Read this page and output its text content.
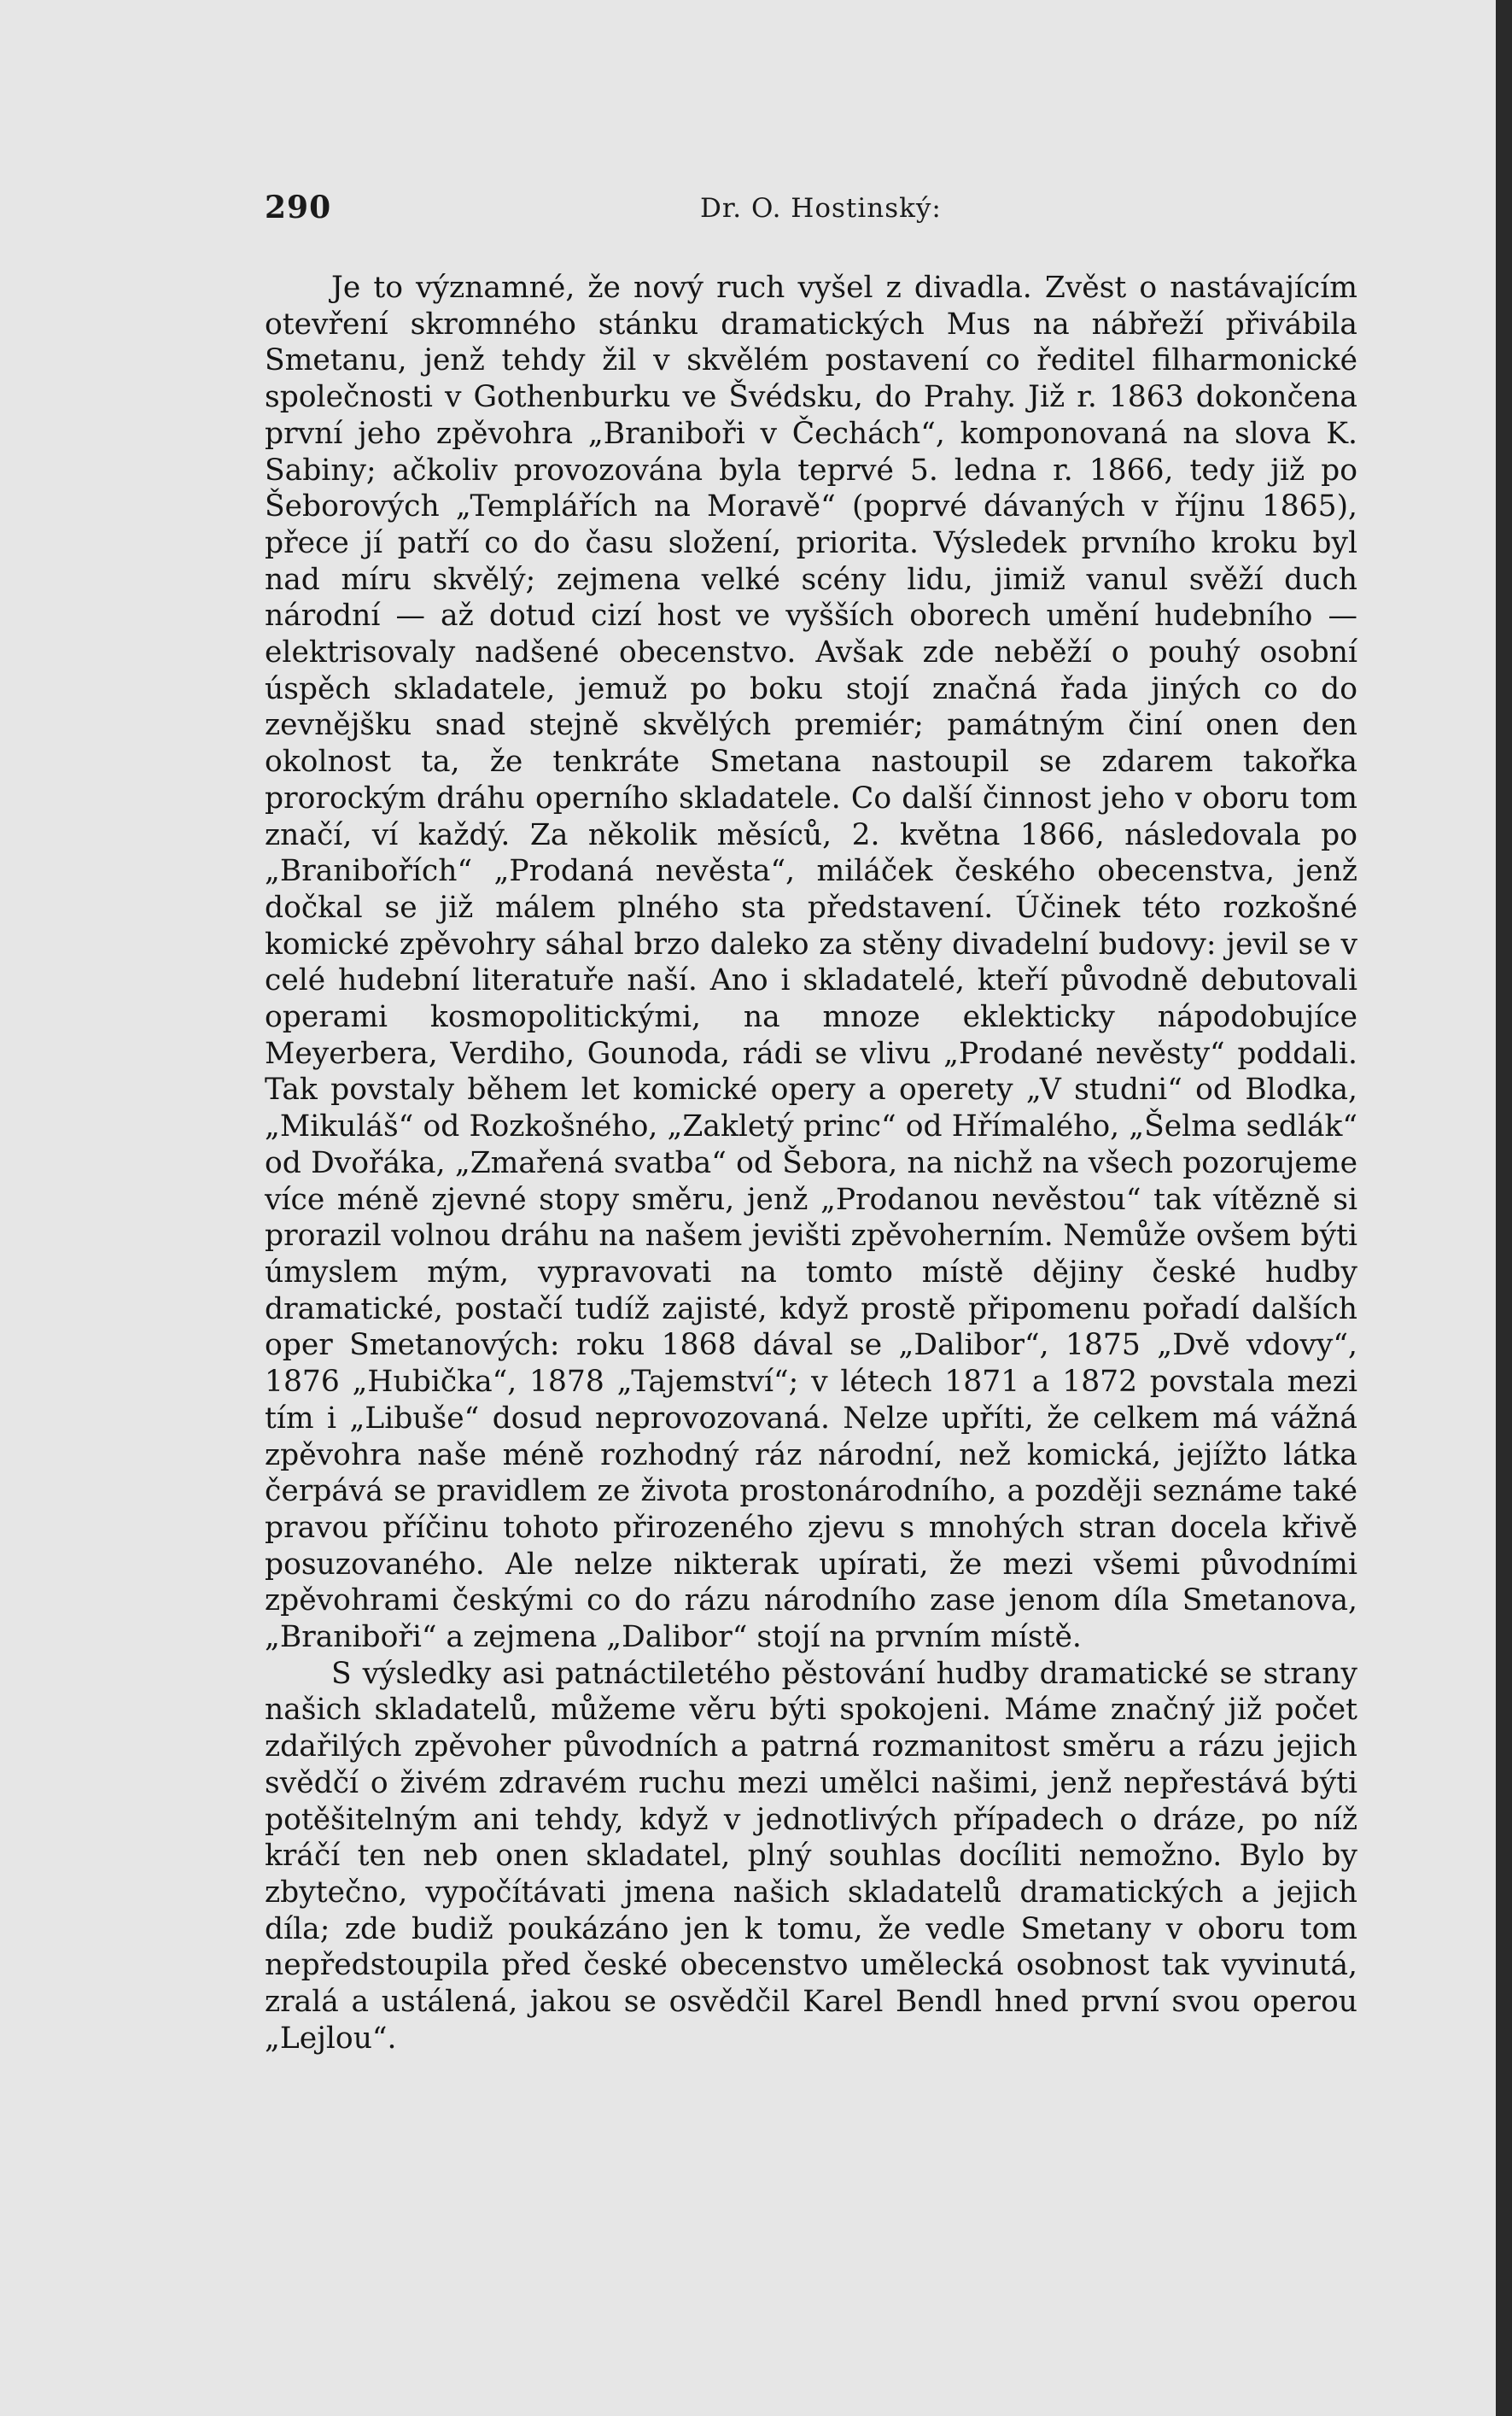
290	Dr. O. Hostinský:

Je to významné, že nový ruch vyšel z divadla. Zvěst o nastávajícím otevření skromného stánku dramatických Mus na nábřeží přivábila Smetanu, jenž tehdy žil v skvělém postavení co ředitel filharmonické společnosti v Gothenburku ve Švédsku, do Prahy. Již r. 1863 dokončena první jeho zpěvohra „Braniboři v Čechách“, komponovaná na slova K. Sabiny; ačkoliv provozována byla teprvé 5. ledna r. 1866, tedy již po Šeborových „Templářích na Moravě“ (poprvé dávaných v říjnu 1865), přece jí patří co do času složení, priorita. Výsledek prvního kroku byl nad míru skvělý; zejmena velké scény lidu, jimiž vanul svěží duch národní — až dotud cizí host ve vyšších oborech umění hudebního — elektrisovaly nadšené obecenstvo. Avšak zde neběží o pouhý osobní úspěch skladatele, jemuž po boku stojí značná řada jiných co do zevnějšku snad stejně skvělých premiér; památným činí onen den okolnost ta, že tenkráte Smetana nastoupil se zdarem takořka prorockým dráhu operního skladatele. Co další činnost jeho v oboru tom značí, ví každý. Za několik měsíců, 2. května 1866, následovala po „Branibořích“ „Prodaná nevěsta“, miláček českého obecenstva, jenž dočkal se již málem plného sta představení. Účinek této rozkošné komické zpěvohry sáhal brzo daleko za stěny divadelní budovy: jevil se v celé hudební literatuře naší. Ano i skladatelé, kteří původně debutovali operami kosmopolitickými, na mnoze eklekticky nápodobujíce Meyerbera, Verdiho, Gounoda, rádi se vlivu „Prodané nevěsty“ poddali. Tak povstaly během let komické opery a operety „V studni“ od Blodka, „Mikuláš“ od Rozkošného, „Zakletý princ“ od Hřímalého, „Šelma sedlák“ od Dvořáka, „Zmařená svatba“ od Šebora, na nichž na všech pozorujeme více méně zjevné stopy směru, jenž „Prodanou nevěstou“ tak vítězně si prorazil volnou dráhu na našem jevišti zpěvoherním. Nemůže ovšem býti úmyslem mým, vypravovati na tomto místě dějiny české hudby dramatické, postačí tudíž zajisté, když prostě připomenu pořadí dalších oper Smetanových: roku 1868 dával se „Dalibor“, 1875 „Dvě vdovy“, 1876 „Hubička“, 1878 „Tajemství“; v létech 1871 a 1872 povstala mezi tím i „Libuše“ dosud neprovozovaná. Nelze upříti, že celkem má vážná zpěvohra naše méně rozhodný ráz národní, než komická, jejížto látka čerpává se pravidlem ze života prostonárodního, a později seznáme také pravou příčinu tohoto přirozeného zjevu s mnohých stran docela křivě posuzovaného. Ale nelze nikterak upírati, že mezi všemi původními zpěvohrami českými co do rázu národního zase jenom díla Smetanova, „Braniboři“ a zejmena „Dalibor“ stojí na prvním místě.

S výsledky asi patnáctiletého pěstování hudby dramatické se strany našich skladatelů, můžeme věru býti spokojeni. Máme značný již počet zdařilých zpěvoher původních a patrná rozmanitost směru a rázu jejich svědčí o živém zdravém ruchu mezi umělci našimi, jenž nepřestává býti potěšitelným ani tehdy, když v jednotlivých případech o dráze, po níž kráčí ten neb onen skladatel, plný souhlas docíliti nemožno. Bylo by zbytečno, vypočítávati jmena našich skladatelů dramatických a jejich díla; zde budiž poukázáno jen k tomu, že vedle Smetany v oboru tom nepředstoupila před české obecenstvo umělecká osobnost tak vyvinutá, zralá a ustálená, jakou se osvědčil Karel Bendl hned první svou operou „Lejlou“.
